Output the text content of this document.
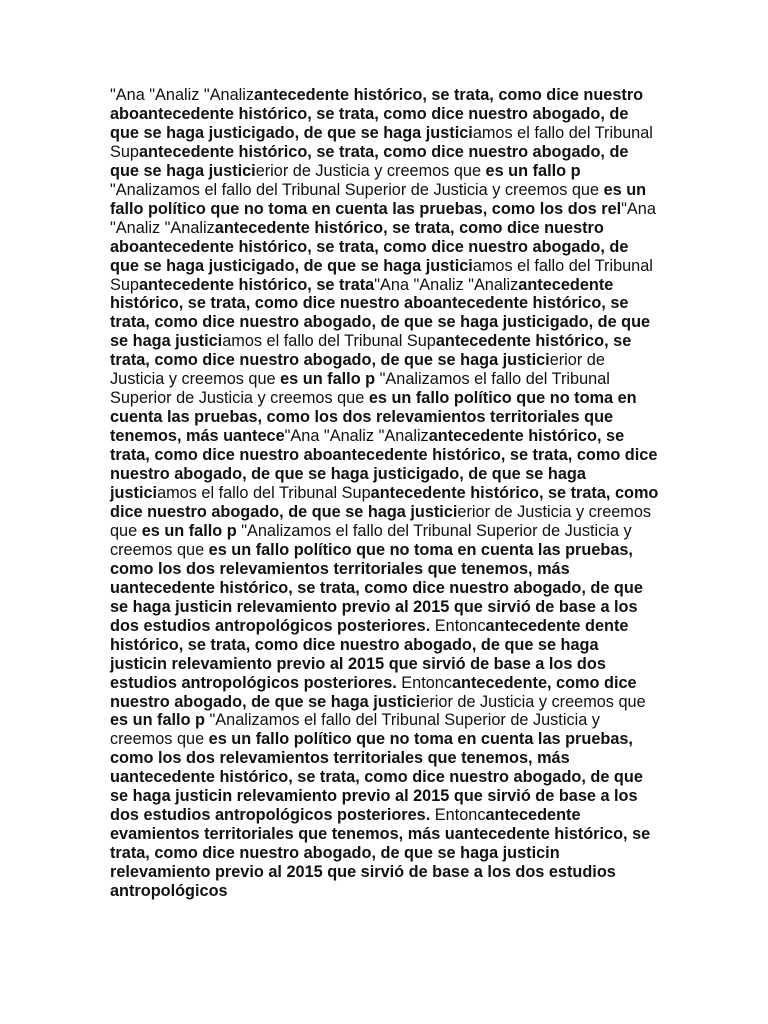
"Ana "Analiz "Analizantecedente histórico, se trata, como dice nuestro aboantecedente histórico, se trata, como dice nuestro abogado, de que se haga justicigado, de que se haga justiciamos el fallo del Tribunal Supantecedente histórico, se trata, como dice nuestro abogado, de que se haga justicierior de Justicia y creemos que es un fallo p "Analizamos el fallo del Tribunal Superior de Justicia y creemos que es un fallo político que no toma en cuenta las pruebas, como los dos rel"Ana "Analiz "Analizantecedente histórico, se trata, como dice nuestro aboantecedente histórico, se trata, como dice nuestro abogado, de que se haga justicigado, de que se haga justiciamos el fallo del Tribunal Supantecedente histórico, se trata"Ana "Analiz "Analizantecedente histórico, se trata, como dice nuestro aboantecedente histórico, se trata, como dice nuestro abogado, de que se haga justicigado, de que se haga justiciamos el fallo del Tribunal Supantecedente histórico, se trata, como dice nuestro abogado, de que se haga justicierior de Justicia y creemos que es un fallo p "Analizamos el fallo del Tribunal Superior de Justicia y creemos que es un fallo político que no toma en cuenta las pruebas, como los dos relevamientos territoriales que tenemos, más uantece"Ana "Analiz "Analizantecedente histórico, se trata, como dice nuestro aboantecedente histórico, se trata, como dice nuestro abogado, de que se haga justicigado, de que se haga justiciamos el fallo del Tribunal Supantecedente histórico, se trata, como dice nuestro abogado, de que se haga justicierior de Justicia y creemos que es un fallo p "Analizamos el fallo del Tribunal Superior de Justicia y creemos que es un fallo político que no toma en cuenta las pruebas, como los dos relevamientos territoriales que tenemos, más uantecedente histórico, se trata, como dice nuestro abogado, de que se haga justicin relevamiento previo al 2015 que sirvió de base a los dos estudios antropológicos posteriores. Entoncantecedente dente histórico, se trata, como dice nuestro abogado, de que se haga justicin relevamiento previo al 2015 que sirvió de base a los dos estudios antropológicos posteriores. Entoncantecedente, como dice nuestro abogado, de que se haga justicierior de Justicia y creemos que es un fallo p "Analizamos el fallo del Tribunal Superior de Justicia y creemos que es un fallo político que no toma en cuenta las pruebas, como los dos relevamientos territoriales que tenemos, más uantecedente histórico, se trata, como dice nuestro abogado, de que se haga justicin relevamiento previo al 2015 que sirvió de base a los dos estudios antropológicos posteriores. Entoncantecedente evamientos territoriales que tenemos, más uantecedente histórico, se trata, como dice nuestro abogado, de que se haga justicin relevamiento previo al 2015 que sirvió de base a los dos estudios antropológicos
